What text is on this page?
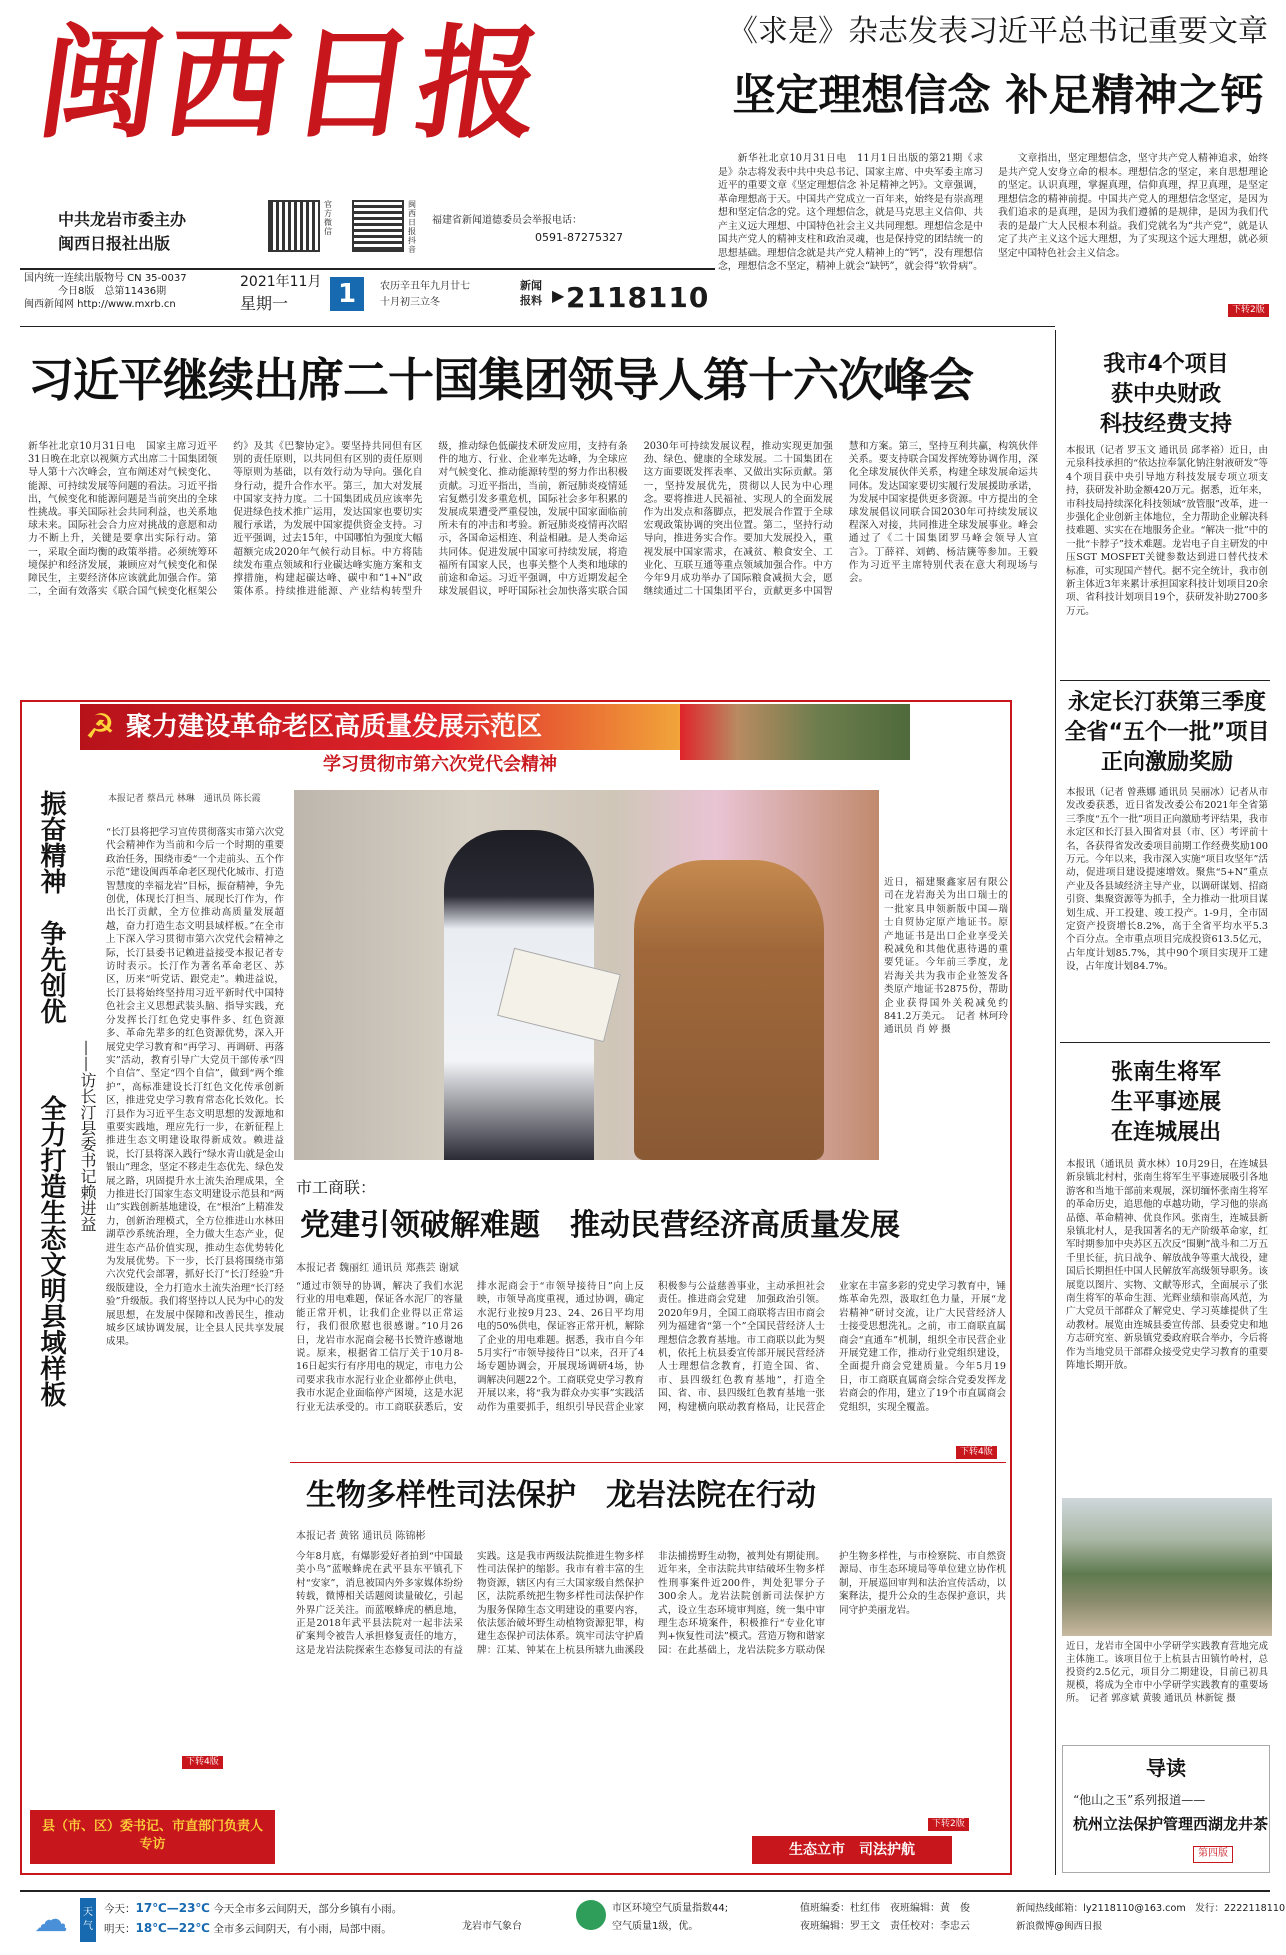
闽西日报
中共龙岩市委主办
闽西日报社出版
官方微信
闽西日报抖音
福建省新闻道德委员会举报电话：
0591-87275327
国内统一连续出版物号 CN 35-0037
今日8版　总第11436期
闽西新闻网 http://www.mxrb.cn
2021年11月
星期一	1	农历辛丑年九月廿七
十月初三立冬
新闻
报料 ▶ 2118110
《求是》杂志发表习近平总书记重要文章
坚定理想信念 补足精神之钙

新华社北京10月31日电　11月1日出版的第21期《求是》杂志将发表中共中央总书记、国家主席、中央军委主席习近平的重要文章《坚定理想信念 补足精神之钙》。文章强调，革命理想高于天。中国共产党成立一百年来，始终是有崇高理想和坚定信念的党。这个理想信念，就是马克思主义信仰、共产主义远大理想、中国特色社会主义共同理想。理想信念是中国共产党人的精神支柱和政治灵魂，也是保持党的团结统一的思想基础。理想信念就是共产党人精神上的“钙”，没有理想信念，理想信念不坚定，精神上就会“缺钙”，就会得“软骨病”。

文章指出，坚定理想信念，坚守共产党人精神追求，始终是共产党人安身立命的根本。理想信念的坚定，来自思想理论的坚定。认识真理，掌握真理，信仰真理，捍卫真理，是坚定理想信念的精神前提。中国共产党人的理想信念坚定，是因为我们追求的是真理，是因为我们遵循的是规律，是因为我们代表的是最广大人民根本利益。我们党就名为“共产党”，就是认定了共产主义这个远大理想，为了实现这个远大理想，就必须坚定中国特色社会主义信念。

下转2版
习近平继续出席二十国集团领导人第十六次峰会
新华社北京10月31日电　国家主席习近平31日晚在北京以视频方式出席二十国集团领导人第十六次峰会，宣布阐述对气候变化、能源、可持续发展等问题的看法。习近平指出，气候变化和能源问题是当前突出的全球性挑战。事关国际社会共同利益，也关系地球未来。国际社会合力应对挑战的意愿和动力不断上升，关键是要拿出实际行动。第一，采取全面均衡的政策举措。必须统筹环境保护和经济发展，兼顾应对气候变化和保障民生，主要经济体应该就此加强合作。第二，全面有效落实《联合国气候变化框架公约》及其《巴黎协定》。要坚持共同但有区别的责任原则，以共同但有区别的责任原则等原则为基础，以有效行动为导向。强化自身行动，提升合作水平。第三，加大对发展中国家支持力度。二十国集团成员应该率先促进绿色技术推广运用，发达国家也要切实履行承诺，为发展中国家提供资金支持。习近平强调，过去15年，中国哪怕为强度大幅超额完成2020年气候行动目标。中方将陆续发布重点领域和行业碳达峰实施方案和支撑措施，构建起碳达峰、碳中和“1+N”政策体系。持续推进能源、产业结构转型升级，推动绿色低碳技术研发应用，支持有条件的地方、行业、企业率先达峰，为全球应对气候变化、推动能源转型的努力作出积极贡献。习近平指出，当前，新冠肺炎疫情延宕复燃引发多重危机，国际社会多年积累的发展成果遭受严重侵蚀，发展中国家面临前所未有的冲击和考验。新冠肺炎疫情再次昭示，各国命运相连、利益相融。是人类命运共同体。促进发展中国家可持续发展，将造福所有国家人民，也事关整个人类和地球的前途和命运。习近平强调，中方近期发起全球发展倡议，呼吁国际社会加快落实联合国2030年可持续发展议程，推动实现更加强劲、绿色、健康的全球发展。二十国集团在这方面要既发挥表率、又做出实际贡献。第一，坚持发展优先，贯彻以人民为中心理念。要将推进人民福祉、实现人的全面发展作为出发点和落脚点，把发展合作置于全球宏观政策协调的突出位置。第二，坚持行动导向，推进务实合作。要加大发展投入，重视发展中国家需求，在减贫、粮食安全、工业化、互联互通等重点领域加强合作。中方今年9月成功举办了国际粮食减损大会，愿继续通过二十国集团平台，贡献更多中国智慧和方案。第三，坚持互利共赢，构筑伙伴关系。要支持联合国发挥统筹协调作用，深化全球发展伙伴关系，构建全球发展命运共同体。发达国家要切实履行发展援助承诺，为发展中国家提供更多资源。中方提出的全球发展倡议同联合国2030年可持续发展议程深入对接，共同推进全球发展事业。峰会通过了《二十国集团罗马峰会领导人宣言》。丁薛祥、刘鹤、杨洁篪等参加。王毅作为习近平主席特别代表在意大利现场与会。
我市4个项目
获中央财政
科技经费支持
本报讯（记者 罗玉文 通讯员 邱孝裕）近日，由元泉科技承担的“依达拉奉氯化钠注射液研发”等4个项目获中央引导地方科技发展专项立项支持，获研发补助金额420万元。据悉，近年来，市科技局持续深化科技领域“放管服”改革，进一步强化企业创新主体地位，全力帮助企业解决科技难题、实实在在地服务企业。“解决一批”中的一批“卡脖子”技术难题。龙岩电子自主研发的中压SGT MOSFET关键参数达到进口替代技术标准，可实现国产替代。据不完全统计，我市创新主体近3年来累计承担国家科技计划项目20余项、省科技计划项目19个，获研发补助2700多万元。
永定长汀获第三季度
全省“五个一批”项目
正向激励奖励
本报讯（记者 曾燕娜 通讯员 吴丽冰）记者从市发改委获悉，近日省发改委公布2021年全省第三季度“五个一批”项目正向激励考评结果，我市永定区和长汀县入围省对县（市、区）考评前十名，各获得省发改委项目前期工作经费奖励100万元。今年以来，我市深入实施“项目攻坚年”活动，促进项目建设提速增效。聚焦“5+N”重点产业及各县域经济主导产业，以调研谋划、招商引资、集聚资源等为抓手，全力推动一批项目谋划生成、开工投建、竣工投产。1-9月，全市固定资产投资增长8.2%，高于全省平均水平5.3个百分点。全市重点项目完成投资613.5亿元，占年度计划85.7%，其中90个项目实现开工建设，占年度计划84.7%。
张南生将军
生平事迹展
在连城展出
本报讯（通讯员 黄水林）10月29日，在连城县新泉镇北村村，张南生将军生平事迹展吸引各地游客和当地干部前来观展，深切缅怀张南生将军的革命历史，追思他的卓越功勋，学习他的崇高品德、革命精神、优良作风。张南生，连城县新泉镇北村人，是我国著名的无产阶级革命家，红军时期参加中央苏区五次反“围剿”战斗和二万五千里长征，抗日战争、解放战争等重大战役，建国后长期担任中国人民解放军高级领导职务。该展览以图片、实物、文献等形式，全面展示了张南生将军的革命生涯、光辉业绩和崇高风范，为广大党员干部群众了解党史、学习英雄提供了生动教材。展览由连城县委宣传部、县委党史和地方志研究室、新泉镇党委政府联合举办，今后将作为当地党员干部群众接受党史学习教育的重要阵地长期开放。
近日，龙岩市全国中小学研学实践教育营地完成主体施工。该项目位于上杭县古田镇竹岭村，总投资约2.5亿元，项目分二期建设，目前已初具规模，将成为全市中小学研学实践教育的重要场所。　记者 郭彦斌 黄骏 通讯员 林新锭 摄
导读
“他山之玉”系列报道——
杭州立法保护管理西湖龙井茶
第四版
☭ 聚力建设革命老区高质量发展示范区
学习贯彻市第六次党代会精神
振奋精神　争先创优
全力打造生态文明县域样板
——访长汀县委书记赖进益
本报记者 蔡昌元 林琳　通讯员 陈长霞
“长汀县将把学习宣传贯彻落实市第六次党代会精神作为当前和今后一个时期的重要政治任务，围绕市委“一个走前头、五个作示范”建设闽西革命老区现代化城市、打造智慧度的幸福龙岩”目标，振奋精神，争先创优，体现长汀担当、展现长汀作为，作出长汀贡献，全方位推动高质量发展超越，奋力打造生态文明县域样板。”在全市上下深入学习贯彻市第六次党代会精神之际，长汀县委书记赖进益接受本报记者专访时表示。长汀作为著名革命老区、苏区，历来“听党话、跟党走”。赖进益说，长汀县将始终坚持用习近平新时代中国特色社会主义思想武装头脑、指导实践，充分发挥长汀红色党史事件多、红色资源多、革命先辈多的红色资源优势，深入开展党史学习教育和“再学习、再调研、再落实”活动，教育引导广大党员干部传承“四个自信”、坚定“四个自信”，做到“两个维护”，高标准建设长汀红色文化传承创新区，推进党史学习教育常态化长效化。长汀县作为习近平生态文明思想的发源地和重要实践地，理应先行一步，在新征程上推进生态文明建设取得新成效。赖进益说，长汀县将深入践行“绿水青山就是金山银山”理念，坚定不移走生态优先、绿色发展之路，巩固提升水土流失治理成果，全力推进长汀国家生态文明建设示范县和“两山”实践创新基地建设，在“根治”上精准发力，创新治理模式，全方位推进山水林田湖草沙系统治理，全力做大生态产业，促进生态产品价值实现，推动生态优势转化为发展优势。下一步，长汀县将围绕市第六次党代会部署，抓好长汀“长汀经验”升级版建设，全力打造水土流失治理“长汀经验”升级版。我们将坚持以人民为中心的发展思想，在发展中保障和改善民生，推动城乡区域协调发展，让全县人民共享发展成果。
下转4版
县（市、区）委书记、市直部门负责人专访
近日，福建聚鑫家居有限公司在龙岩海关为出口瑞士的一批家具申领新版中国—瑞士自贸协定原产地证书。原产地证书是出口企业享受关税减免和其他优惠待遇的重要凭证。今年前三季度，龙岩海关共为我市企业签发各类原产地证书2875份，帮助企业获得国外关税减免约841.2万美元。　记者 林珂玲　通讯员 肖 婷 摄
市工商联：
党建引领破解难题　推动民营经济高质量发展
本报记者 魏丽红 通讯员 郑燕芸 谢斌
“通过市领导的协调，解决了我们水泥行业的用电难题，保证各水泥厂的容量能正常开机，让我们企业得以正常运行，我们很欣慰也很感谢。”10月26日，龙岩市水泥商会秘书长赞许感谢地说。原来，根据省工信厅关于10月8-16日起实行有序用电的规定，市电力公司要求我市水泥行业企业都停止供电，我市水泥企业面临停产困境，这是水泥行业无法承受的。市工商联获悉后，安排水泥商会于“市领导接待日”向上反映，市领导高度重视，通过协调，确定水泥行业按9月23、24、26日平均用电的50%供电，保证容正常开机，解除了企业的用电难题。据悉，我市自今年5月实行“市领导接待日”以来，召开了4场专题协调会，开展现场调研4场，协调解决问题22个。工商联党史学习教育开展以来，将“我为群众办实事”实践活动作为重要抓手，组织引导民营企业家积极参与公益慈善事业，主动承担社会责任。推进商会党建　加强政治引领。2020年9月，全国工商联将吉田市商会列为福建省“第一个”全国民营经济人士理想信念教育基地。市工商联以此为契机，依托上杭县委宣传部开展民营经济人士理想信念教育，打造全国、省、市、县四级红色教育基地”，打造全国、省、市、县四级红色教育基地一张网，构建横向联动教育格局，让民营企业家在丰富多彩的党史学习教育中，锤炼革命先烈，汲取红色力量，开展“龙岩精神”研讨交流，让广大民营经济人士接受思想洗礼。之前，市工商联直属商会“直通车”机制，组织全市民营企业开展党建工作，推动行业党组织建设，全面提升商会党建质量。今年5月19日，市工商联直属商会综合党委发挥龙岩商会的作用，建立了19个市直属商会党组织，实现全覆盖。
下转4版
生物多样性司法保护　龙岩法院在行动
本报记者 黄铭 通讯员 陈锦彬
今年8月底，有爆影爱好者拍到“中国最美小鸟”蓝喉蜂虎在武平县东平镇孔下村“安家”，消息被国内外多家媒体纷纷转载，微博相关话题阅读量破亿，引起外界广泛关注。而蓝喉蜂虎的栖息地，正是2018年武平县法院对一起非法采矿案判令被告人承担修复责任的地方，这是龙岩法院探索生态修复司法的有益实践。这是我市两级法院推进生物多样性司法保护的缩影。我市有着丰富的生物资源，辖区内有三大国家级自然保护区，法院系统把生物多样性司法保护作为服务保障生态文明建设的重要内容，依法惩治破坏野生动植物资源犯罪，构建生态保护司法体系。筑牢司法守护盾牌：江某、钟某在上杭县所辖九曲溪段非法捕捞野生动物，被判处有期徒刑。近年来，全市法院共审结破坏生物多样性刑事案件近200件，判处犯罪分子300余人。龙岩法院创新司法保护方式，设立生态环境审判庭，统一集中审理生态环境案件，积极推行“专业化审判+恢复性司法”模式。营造万物和谐家园：在此基础上，龙岩法院多方联动保护生物多样性，与市检察院、市自然资源局、市生态环境局等单位建立协作机制，开展巡回审判和法治宣传活动，以案释法，提升公众的生态保护意识，共同守护美丽龙岩。
生态立市　司法护航
下转2版
☁	天气
今天：17℃—23℃ 今天全市多云间阴天，部分乡镇有小雨。
明天：18℃—22℃ 全市多云间阴天，有小雨，局部中雨。	龙岩市气象台
市区环境空气质量指数44;
空气质量1级，优。
值班编委：杜红伟　夜班编辑：黄　俊
夜班编辑：罗王文　责任校对：李忠云
新闻热线邮箱：ly2118110@163.com　发行：2222118110
新浪微博@闽西日报
